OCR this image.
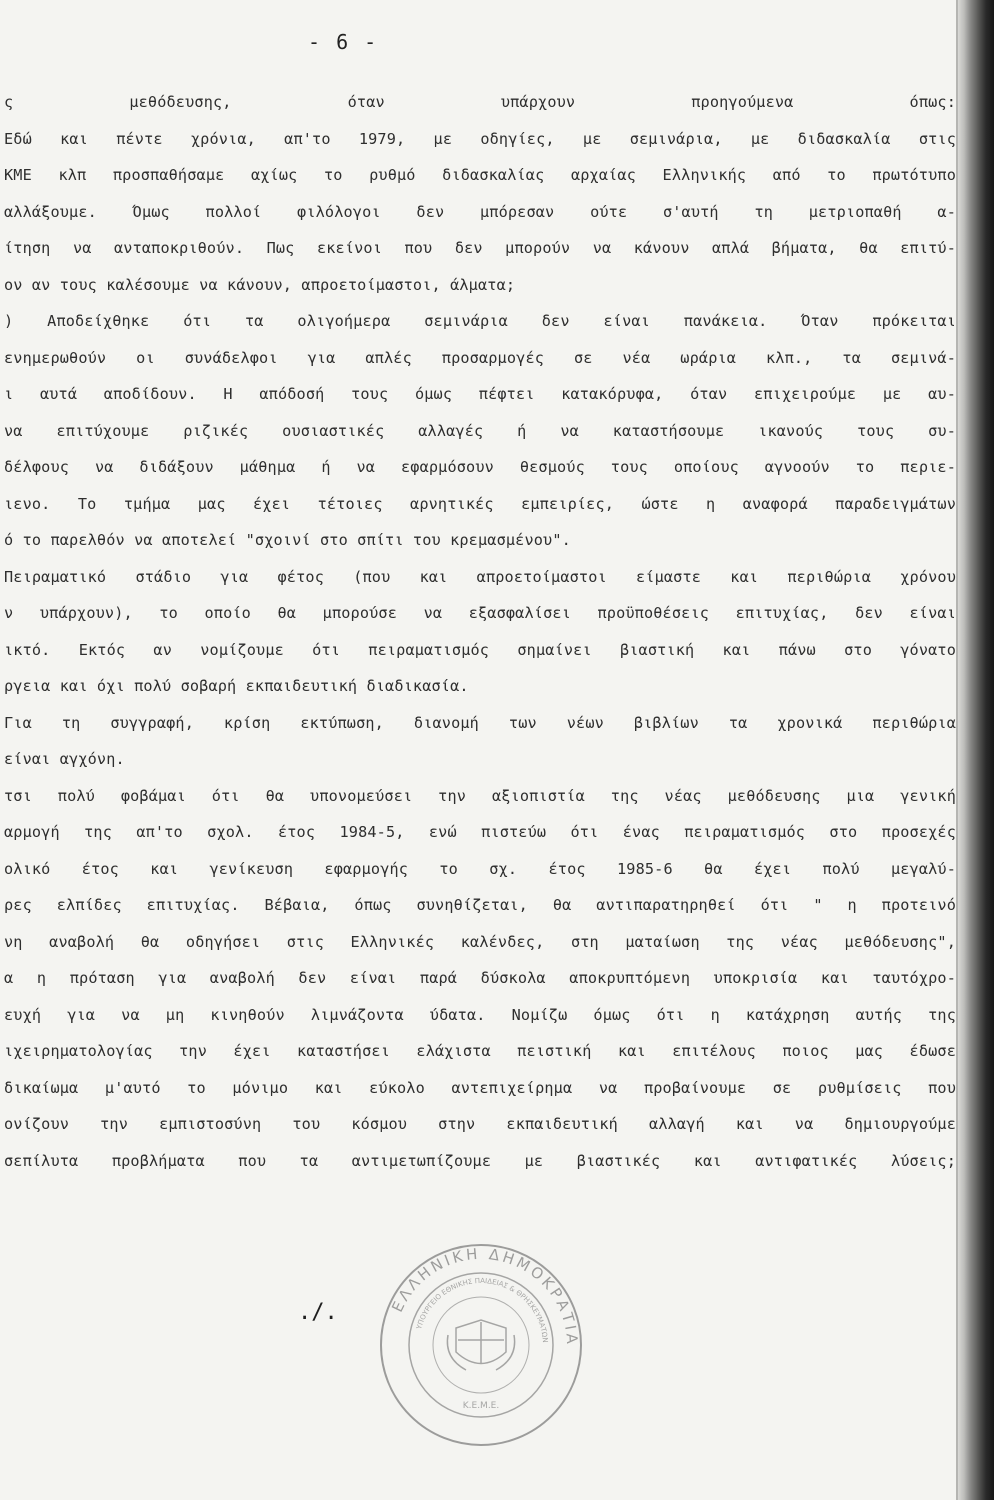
- 6 -
ς μεθόδευσης, όταν υπάρχουν προηγούμενα όπως:
Εδώ και πέντε χρόνια, απ'το 1979, με οδηγίες, με σεμινάρια, με διδασκαλία στις
ΚΜΕ κλπ προσπαθήσαμε αχίως το ρυθμό διδασκαλίας αρχαίας Ελληνικής από το πρωτότυπο
αλλάξουμε. Όμως πολλοί φιλόλογοι δεν μπόρεσαν ούτε σ'αυτή τη μετριοπαθή α-
ίτηση να ανταποκριθούν. Πως εκείνοι που δεν μπορούν να κάνουν απλά βήματα, θα επιτύ-
ον αν τους καλέσουμε να κάνουν, απροετοίμαστοι, άλματα;
) Αποδείχθηκε ότι τα ολιγοήμερα σεμινάρια δεν είναι πανάκεια. Όταν πρόκειται
ενημερωθούν οι συνάδελφοι για απλές προσαρμογές σε νέα ωράρια κλπ., τα σεμινά-
ι αυτά αποδίδουν. Η απόδοσή τους όμως πέφτει κατακόρυφα, όταν επιχειρούμε με αυ-
να επιτύχουμε ριζικές ουσιαστικές αλλαγές ή να καταστήσουμε ικανούς τους συ-
δέλφους να διδάξουν μάθημα ή να εφαρμόσουν θεσμούς τους οποίους αγνοούν το περιε-
ιενο. Το τμήμα μας έχει τέτοιες αρνητικές εμπειρίες, ώστε η αναφορά παραδειγμάτων
ό το παρελθόν να αποτελεί "σχοινί στο σπίτι του κρεμασμένου".
Πειραματικό στάδιο για φέτος (που και απροετοίμαστοι είμαστε και περιθώρια χρόνου
ν υπάρχουν), το οποίο θα μπορούσε να εξασφαλίσει προϋποθέσεις επιτυχίας, δεν είναι
ικτό. Εκτός αν νομίζουμε ότι πειραματισμός σημαίνει βιαστική και πάνω στο γόνατο
ργεια και όχι πολύ σοβαρή εκπαιδευτική διαδικασία.
Για τη συγγραφή, κρίση εκτύπωση, διανομή των νέων βιβλίων τα χρονικά περιθώρια
είναι αγχόνη.
τσι πολύ φοβάμαι ότι θα υπονομεύσει την αξιοπιστία της νέας μεθόδευσης μια γενική
αρμογή της απ'το σχολ. έτος 1984-5, ενώ πιστεύω ότι ένας πειραματισμός στο προσεχές
ολικό έτος και γενίκευση εφαρμογής το σχ. έτος 1985-6 θα έχει πολύ μεγαλύ-
ρες ελπίδες επιτυχίας. Βέβαια, όπως συνηθίζεται, θα αντιπαρατηρηθεί ότι " η προτεινό
νη αναβολή θα οδηγήσει στις Ελληνικές καλένδες, στη ματαίωση της νέας μεθόδευσης",
α η πρόταση για αναβολή δεν είναι παρά δύσκολα αποκρυπτόμενη υποκρισία και ταυτόχρο-
ευχή για να μη κινηθούν λιμνάζοντα ύδατα. Νομίζω όμως ότι η κατάχρηση αυτής της
ιχειρηματολογίας την έχει καταστήσει ελάχιστα πειστική και επιτέλους ποιος μας έδωσε
δικαίωμα μ'αυτό το μόνιμο και εύκολο αντεπιχείρημα να προβαίνουμε σε ρυθμίσεις που
ονίζουν την εμπιστοσύνη του κόσμου στην εκπαιδευτική αλλαγή και να δημιουργούμε
σεπίλυτα προβλήματα που τα αντιμετωπίζουμε με βιαστικές και αντιφατικές λύσεις;
./.	ΕΛΛΗΝΙΚΗ ΔΗΜΟΚΡΑΤΙΑ
ΥΠΟΥΡΓΕΙΟ ΕΘΝΙΚΗΣ ΠΑΙΔΕΙΑΣ & ΘΡΗΣΚΕΥΜΑΤΩΝ
Κ.Ε.Μ.Ε.
